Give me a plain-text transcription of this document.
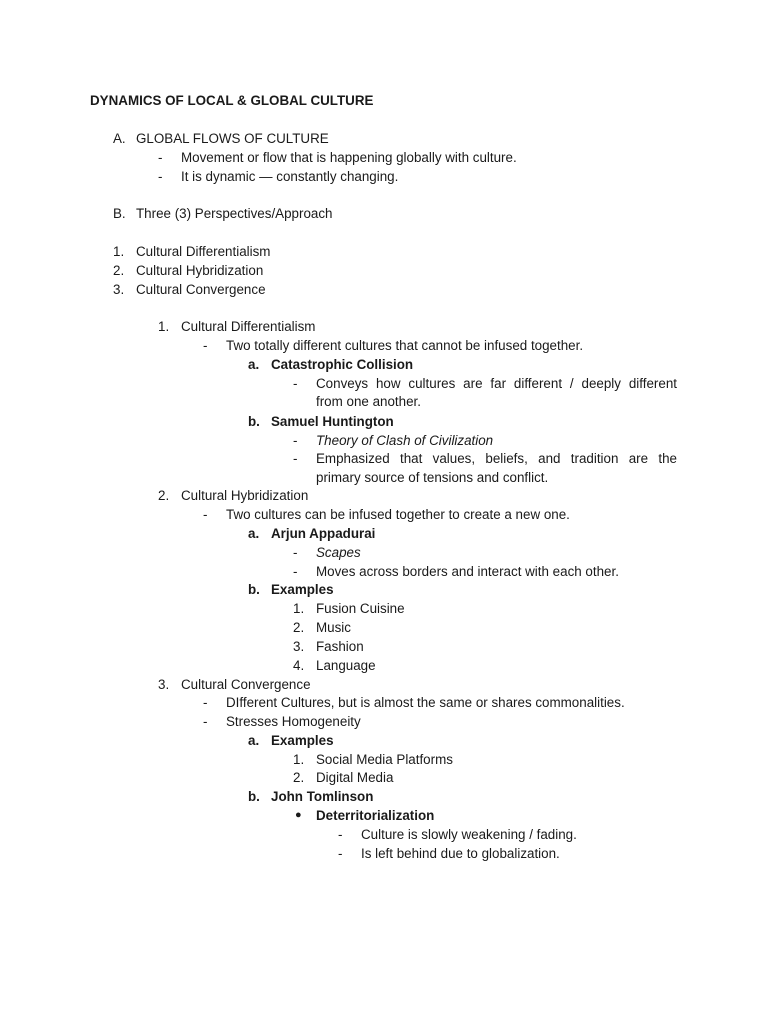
DYNAMICS OF LOCAL & GLOBAL CULTURE
A. GLOBAL FLOWS OF CULTURE
- Movement or flow that is happening globally with culture.
- It is dynamic — constantly changing.
B. Three (3) Perspectives/Approach
1. Cultural Differentialism
2. Cultural Hybridization
3. Cultural Convergence
1. Cultural Differentialism
- Two totally different cultures that cannot be infused together.
a. Catastrophic Collision
- Conveys how cultures are far different / deeply different
from one another.
b. Samuel Huntington
- Theory of Clash of Civilization
- Emphasized that values, beliefs, and tradition are the
primary source of tensions and conflict.
2. Cultural Hybridization
- Two cultures can be infused together to create a new one.
a. Arjun Appadurai
- Scapes
- Moves across borders and interact with each other.
b. Examples
1. Fusion Cuisine
2. Music
3. Fashion
4. Language
3. Cultural Convergence
- DIfferent Cultures, but is almost the same or shares commonalities.
- Stresses Homogeneity
a. Examples
1. Social Media Platforms
2. Digital Media
b. John Tomlinson
● Deterritorialization
- Culture is slowly weakening / fading.
- Is left behind due to globalization.
